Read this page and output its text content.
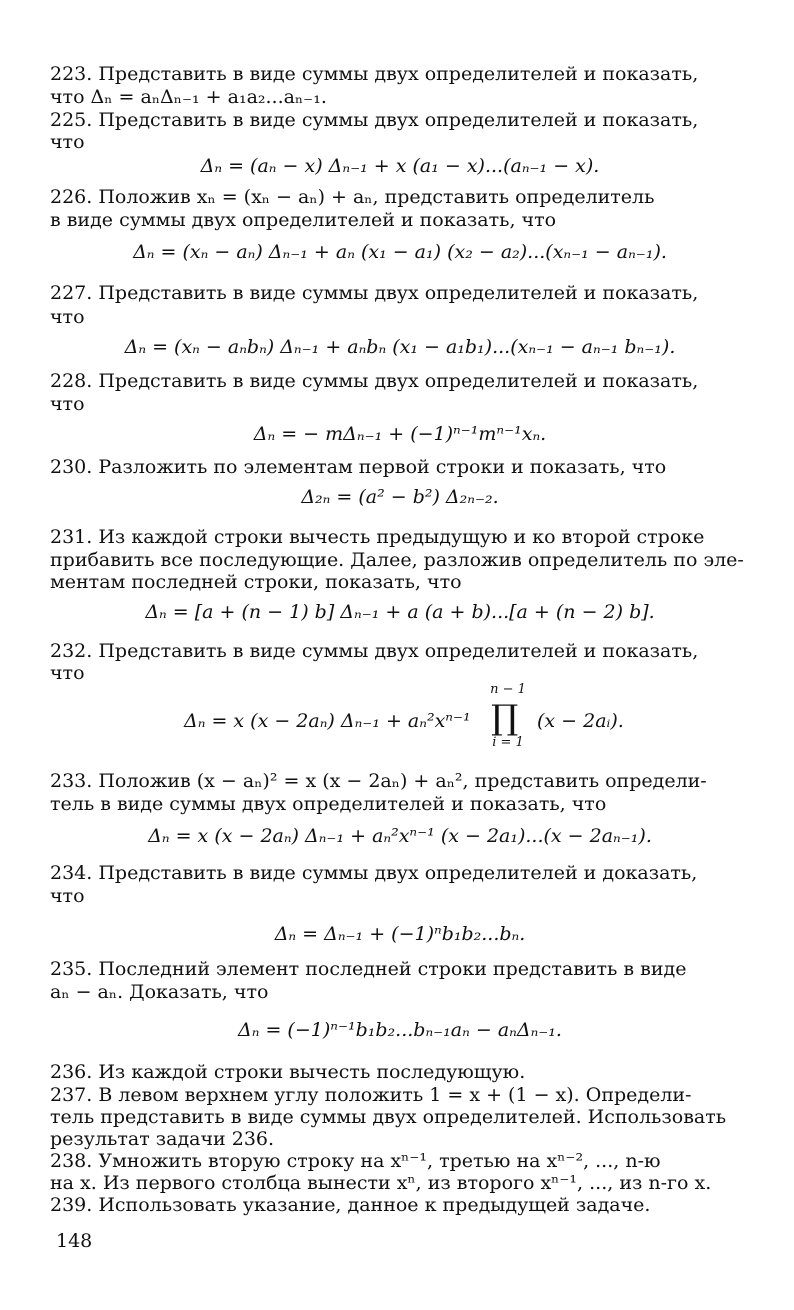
223. Представить в виде суммы двух определителей и показать,
что Δₙ = aₙΔₙ₋₁ + a₁a₂...aₙ₋₁.
225. Представить в виде суммы двух определителей и показать,
что
Δₙ = (aₙ − x) Δₙ₋₁ + x (a₁ − x)...(aₙ₋₁ − x).
226. Положив xₙ = (xₙ − aₙ) + aₙ, представить определитель
в виде суммы двух определителей и показать, что
Δₙ = (xₙ − aₙ) Δₙ₋₁ + aₙ (x₁ − a₁) (x₂ − a₂)...(xₙ₋₁ − aₙ₋₁).
227. Представить в виде суммы двух определителей и показать,
что
Δₙ = (xₙ − aₙbₙ) Δₙ₋₁ + aₙbₙ (x₁ − a₁b₁)...(xₙ₋₁ − aₙ₋₁ bₙ₋₁).
228. Представить в виде суммы двух определителей и показать,
что
Δₙ = − mΔₙ₋₁ + (−1)ⁿ⁻¹mⁿ⁻¹xₙ.
230. Разложить по элементам первой строки и показать, что
Δ₂ₙ = (a² − b²) Δ₂ₙ₋₂.
231. Из каждой строки вычесть предыдущую и ко второй строке
прибавить все последующие. Далее, разложив определитель по эле-
ментам последней строки, показать, что
Δₙ = [a + (n − 1) b] Δₙ₋₁ + a (a + b)...[a + (n − 2) b].
232. Представить в виде суммы двух определителей и показать,
что
Δₙ = x (x − 2aₙ) Δₙ₋₁ + aₙ²xⁿ⁻¹
n − 1
∏
i = 1
(x − 2aᵢ).
233. Положив (x − aₙ)² = x (x − 2aₙ) + aₙ², представить определи-
тель в виде суммы двух определителей и показать, что
Δₙ = x (x − 2aₙ) Δₙ₋₁ + aₙ²xⁿ⁻¹ (x − 2a₁)...(x − 2aₙ₋₁).
234. Представить в виде суммы двух определителей и доказать,
что
Δₙ = Δₙ₋₁ + (−1)ⁿb₁b₂...bₙ.
235. Последний элемент последней строки представить в виде
aₙ − aₙ. Доказать, что
Δₙ = (−1)ⁿ⁻¹b₁b₂...bₙ₋₁aₙ − aₙΔₙ₋₁.
236. Из каждой строки вычесть последующую.
237. В левом верхнем углу положить 1 = x + (1 − x). Определи-
тель представить в виде суммы двух определителей. Использовать
результат задачи 236.
238. Умножить вторую строку на xⁿ⁻¹, третью на xⁿ⁻², ..., n-ю
на x. Из первого столбца вынести xⁿ, из второго xⁿ⁻¹, ..., из n-го x.
239. Использовать указание, данное к предыдущей задаче.
148
